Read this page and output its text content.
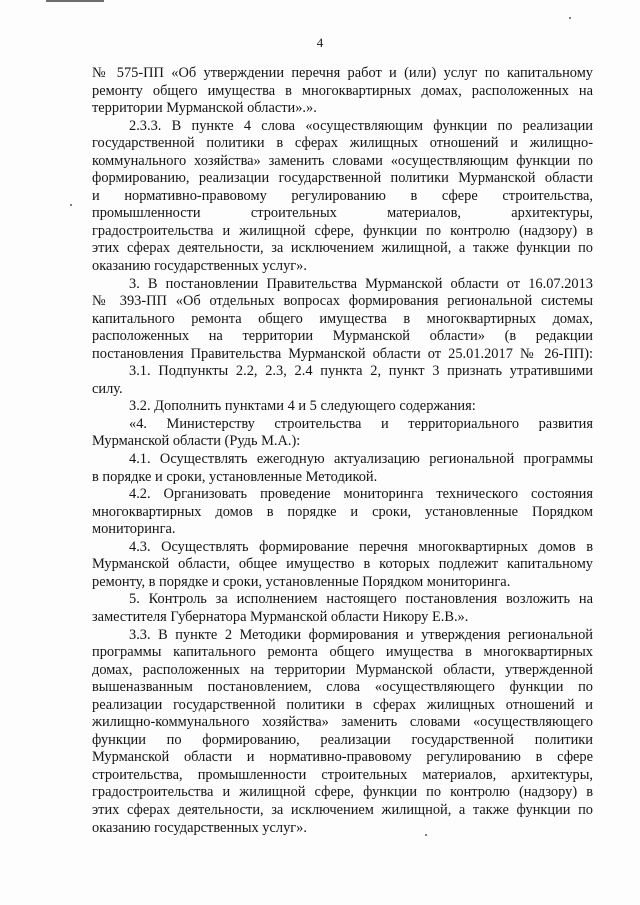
4
№ 575-ПП «Об утверждении перечня работ и (или) услуг по капитальному
ремонту общего имущества в многоквартирных домах, расположенных на
территории Мурманской области».».
2.3.3. В пункте 4 слова «осуществляющим функции по реализации
государственной политики в сферах жилищных отношений и жилищно-
коммунального хозяйства» заменить словами «осуществляющим функции по
формированию, реализации государственной политики Мурманской области
и нормативно-правовому регулированию в сфере строительства,
промышленности строительных материалов, архитектуры,
градостроительства и жилищной сфере, функции по контролю (надзору) в
этих сферах деятельности, за исключением жилищной, а также функции по
оказанию государственных услуг».
3. В постановлении Правительства Мурманской области от 16.07.2013
№ 393-ПП «Об отдельных вопросах формирования региональной системы
капитального ремонта общего имущества в многоквартирных домах,
расположенных на территории Мурманской области» (в редакции
постановления Правительства Мурманской области от 25.01.2017 № 26-ПП):
3.1. Подпункты 2.2, 2.3, 2.4 пункта 2, пункт 3 признать утратившими
силу.
3.2. Дополнить пунктами 4 и 5 следующего содержания:
«4. Министерству строительства и территориального развития
Мурманской области (Рудь М.А.):
4.1. Осуществлять ежегодную актуализацию региональной программы
в порядке и сроки, установленные Методикой.
4.2. Организовать проведение мониторинга технического состояния
многоквартирных домов в порядке и сроки, установленные Порядком
мониторинга.
4.3. Осуществлять формирование перечня многоквартирных домов в
Мурманской области, общее имущество в которых подлежит капитальному
ремонту, в порядке и сроки, установленные Порядком мониторинга.
5. Контроль за исполнением настоящего постановления возложить на
заместителя Губернатора Мурманской области Никору Е.В.».
3.3. В пункте 2 Методики формирования и утверждения региональной
программы капитального ремонта общего имущества в многоквартирных
домах, расположенных на территории Мурманской области, утвержденной
вышеназванным постановлением, слова «осуществляющего функции по
реализации государственной политики в сферах жилищных отношений и
жилищно-коммунального хозяйства» заменить словами «осуществляющего
функции по формированию, реализации государственной политики
Мурманской области и нормативно-правовому регулированию в сфере
строительства, промышленности строительных материалов, архитектуры,
градостроительства и жилищной сфере, функции по контролю (надзору) в
этих сферах деятельности, за исключением жилищной, а также функции по
оказанию государственных услуг».
